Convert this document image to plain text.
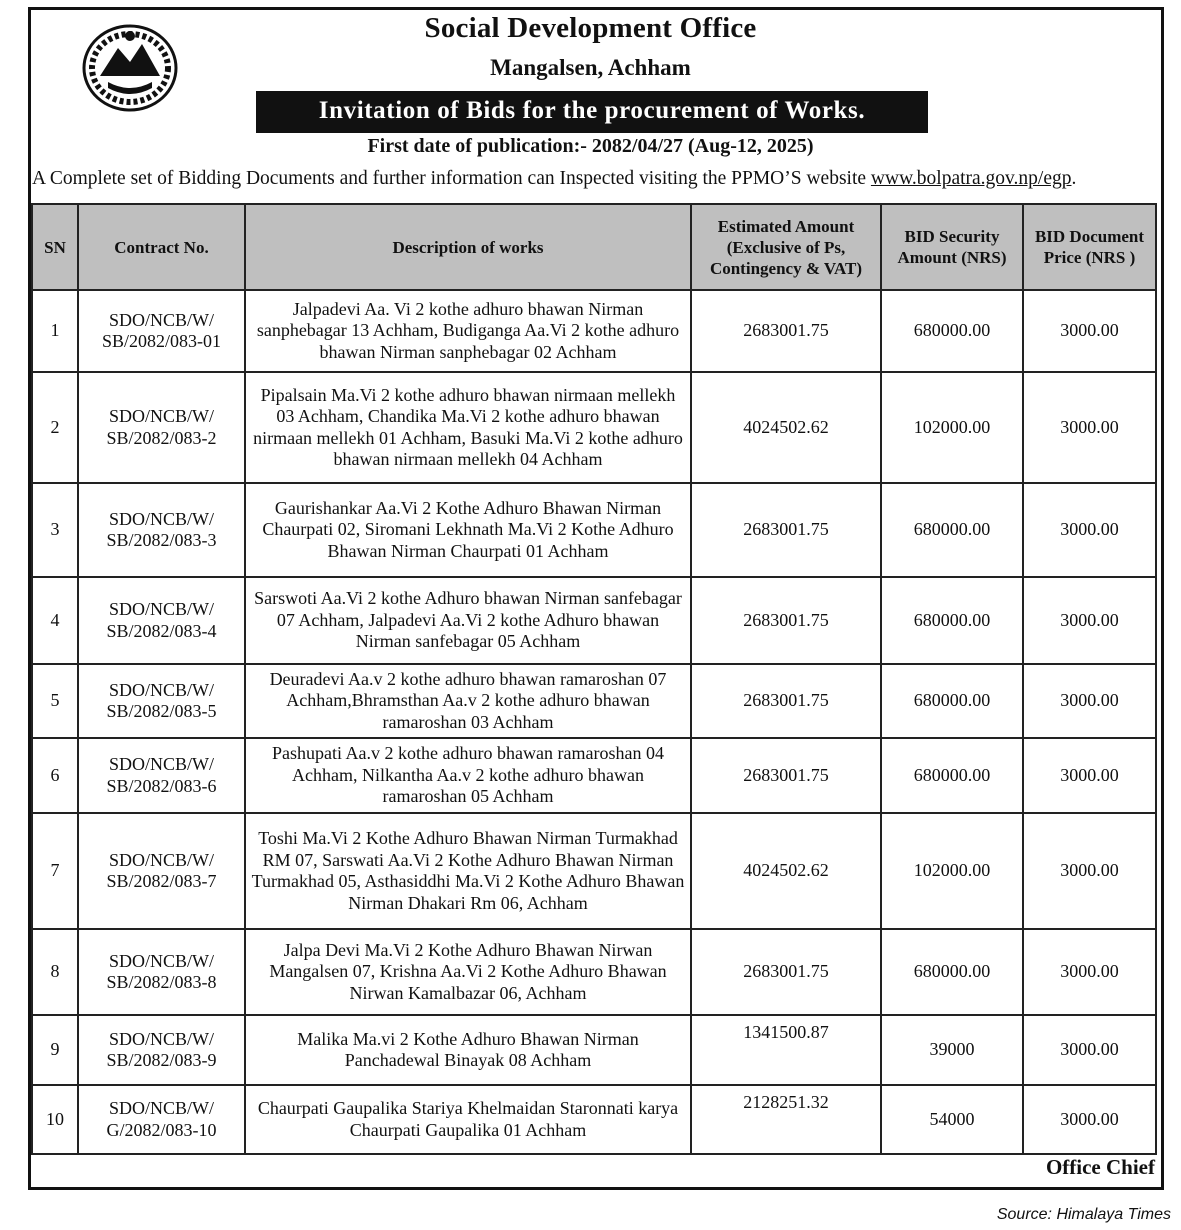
Social Development Office
Mangalsen, Achham
Invitation of Bids for the procurement of Works.
First date of publication:- 2082/04/27 (Aug-12, 2025)
A Complete set of Bidding Documents and further information can Inspected visiting the PPMO’S website www.bolpatra.gov.np/egp.
SN	Contract No.	Description of works	Estimated Amount (Exclusive of Ps, Contingency & VAT)	BID Security Amount (NRS)	BID Document Price (NRS )
1	SDO/NCB/W/ SB/2082/083-01	Jalpadevi Aa. Vi 2 kothe adhuro bhawan Nirman sanphebagar 13 Achham, Budiganga Aa.Vi 2 kothe adhuro bhawan Nirman sanphebagar 02 Achham	2683001.75	680000.00	3000.00
2	SDO/NCB/W/ SB/2082/083-2	Pipalsain Ma.Vi 2 kothe adhuro bhawan nirmaan mellekh 03 Achham, Chandika Ma.Vi 2 kothe adhuro bhawan nirmaan mellekh 01 Achham, Basuki Ma.Vi 2 kothe adhuro bhawan nirmaan mellekh 04 Achham	4024502.62	102000.00	3000.00
3	SDO/NCB/W/ SB/2082/083-3	Gaurishankar Aa.Vi 2 Kothe Adhuro Bhawan Nirman Chaurpati 02, Siromani Lekhnath Ma.Vi 2 Kothe Adhuro Bhawan Nirman Chaurpati 01 Achham	2683001.75	680000.00	3000.00
4	SDO/NCB/W/ SB/2082/083-4	Sarswoti Aa.Vi 2 kothe Adhuro bhawan Nirman sanfebagar 07 Achham, Jalpadevi Aa.Vi 2 kothe Adhuro bhawan Nirman sanfebagar 05 Achham	2683001.75	680000.00	3000.00
5	SDO/NCB/W/ SB/2082/083-5	Deuradevi Aa.v 2 kothe adhuro bhawan ramaroshan 07 Achham,Bhramsthan Aa.v 2 kothe adhuro bhawan ramaroshan 03 Achham	2683001.75	680000.00	3000.00
6	SDO/NCB/W/ SB/2082/083-6	Pashupati Aa.v 2 kothe adhuro bhawan ramaroshan 04 Achham, Nilkantha Aa.v 2 kothe adhuro bhawan ramaroshan 05 Achham	2683001.75	680000.00	3000.00
7	SDO/NCB/W/ SB/2082/083-7	Toshi Ma.Vi 2 Kothe Adhuro Bhawan Nirman Turmakhad RM 07, Sarswati Aa.Vi 2 Kothe Adhuro Bhawan Nirman Turmakhad 05, Asthasiddhi Ma.Vi 2 Kothe Adhuro Bhawan Nirman Dhakari Rm 06, Achham	4024502.62	102000.00	3000.00
8	SDO/NCB/W/ SB/2082/083-8	Jalpa Devi Ma.Vi 2 Kothe Adhuro Bhawan Nirwan Mangalsen 07, Krishna Aa.Vi 2 Kothe Adhuro Bhawan Nirwan Kamalbazar 06, Achham	2683001.75	680000.00	3000.00
9	SDO/NCB/W/ SB/2082/083-9	Malika Ma.vi 2 Kothe Adhuro Bhawan Nirman Panchadewal Binayak 08 Achham	1341500.87	39000	3000.00
10	SDO/NCB/W/ G/2082/083-10	Chaurpati Gaupalika Stariya Khelmaidan Staronnati karya Chaurpati Gaupalika 01 Achham	2128251.32	54000	3000.00
Office Chief
Source: Himalaya Times
